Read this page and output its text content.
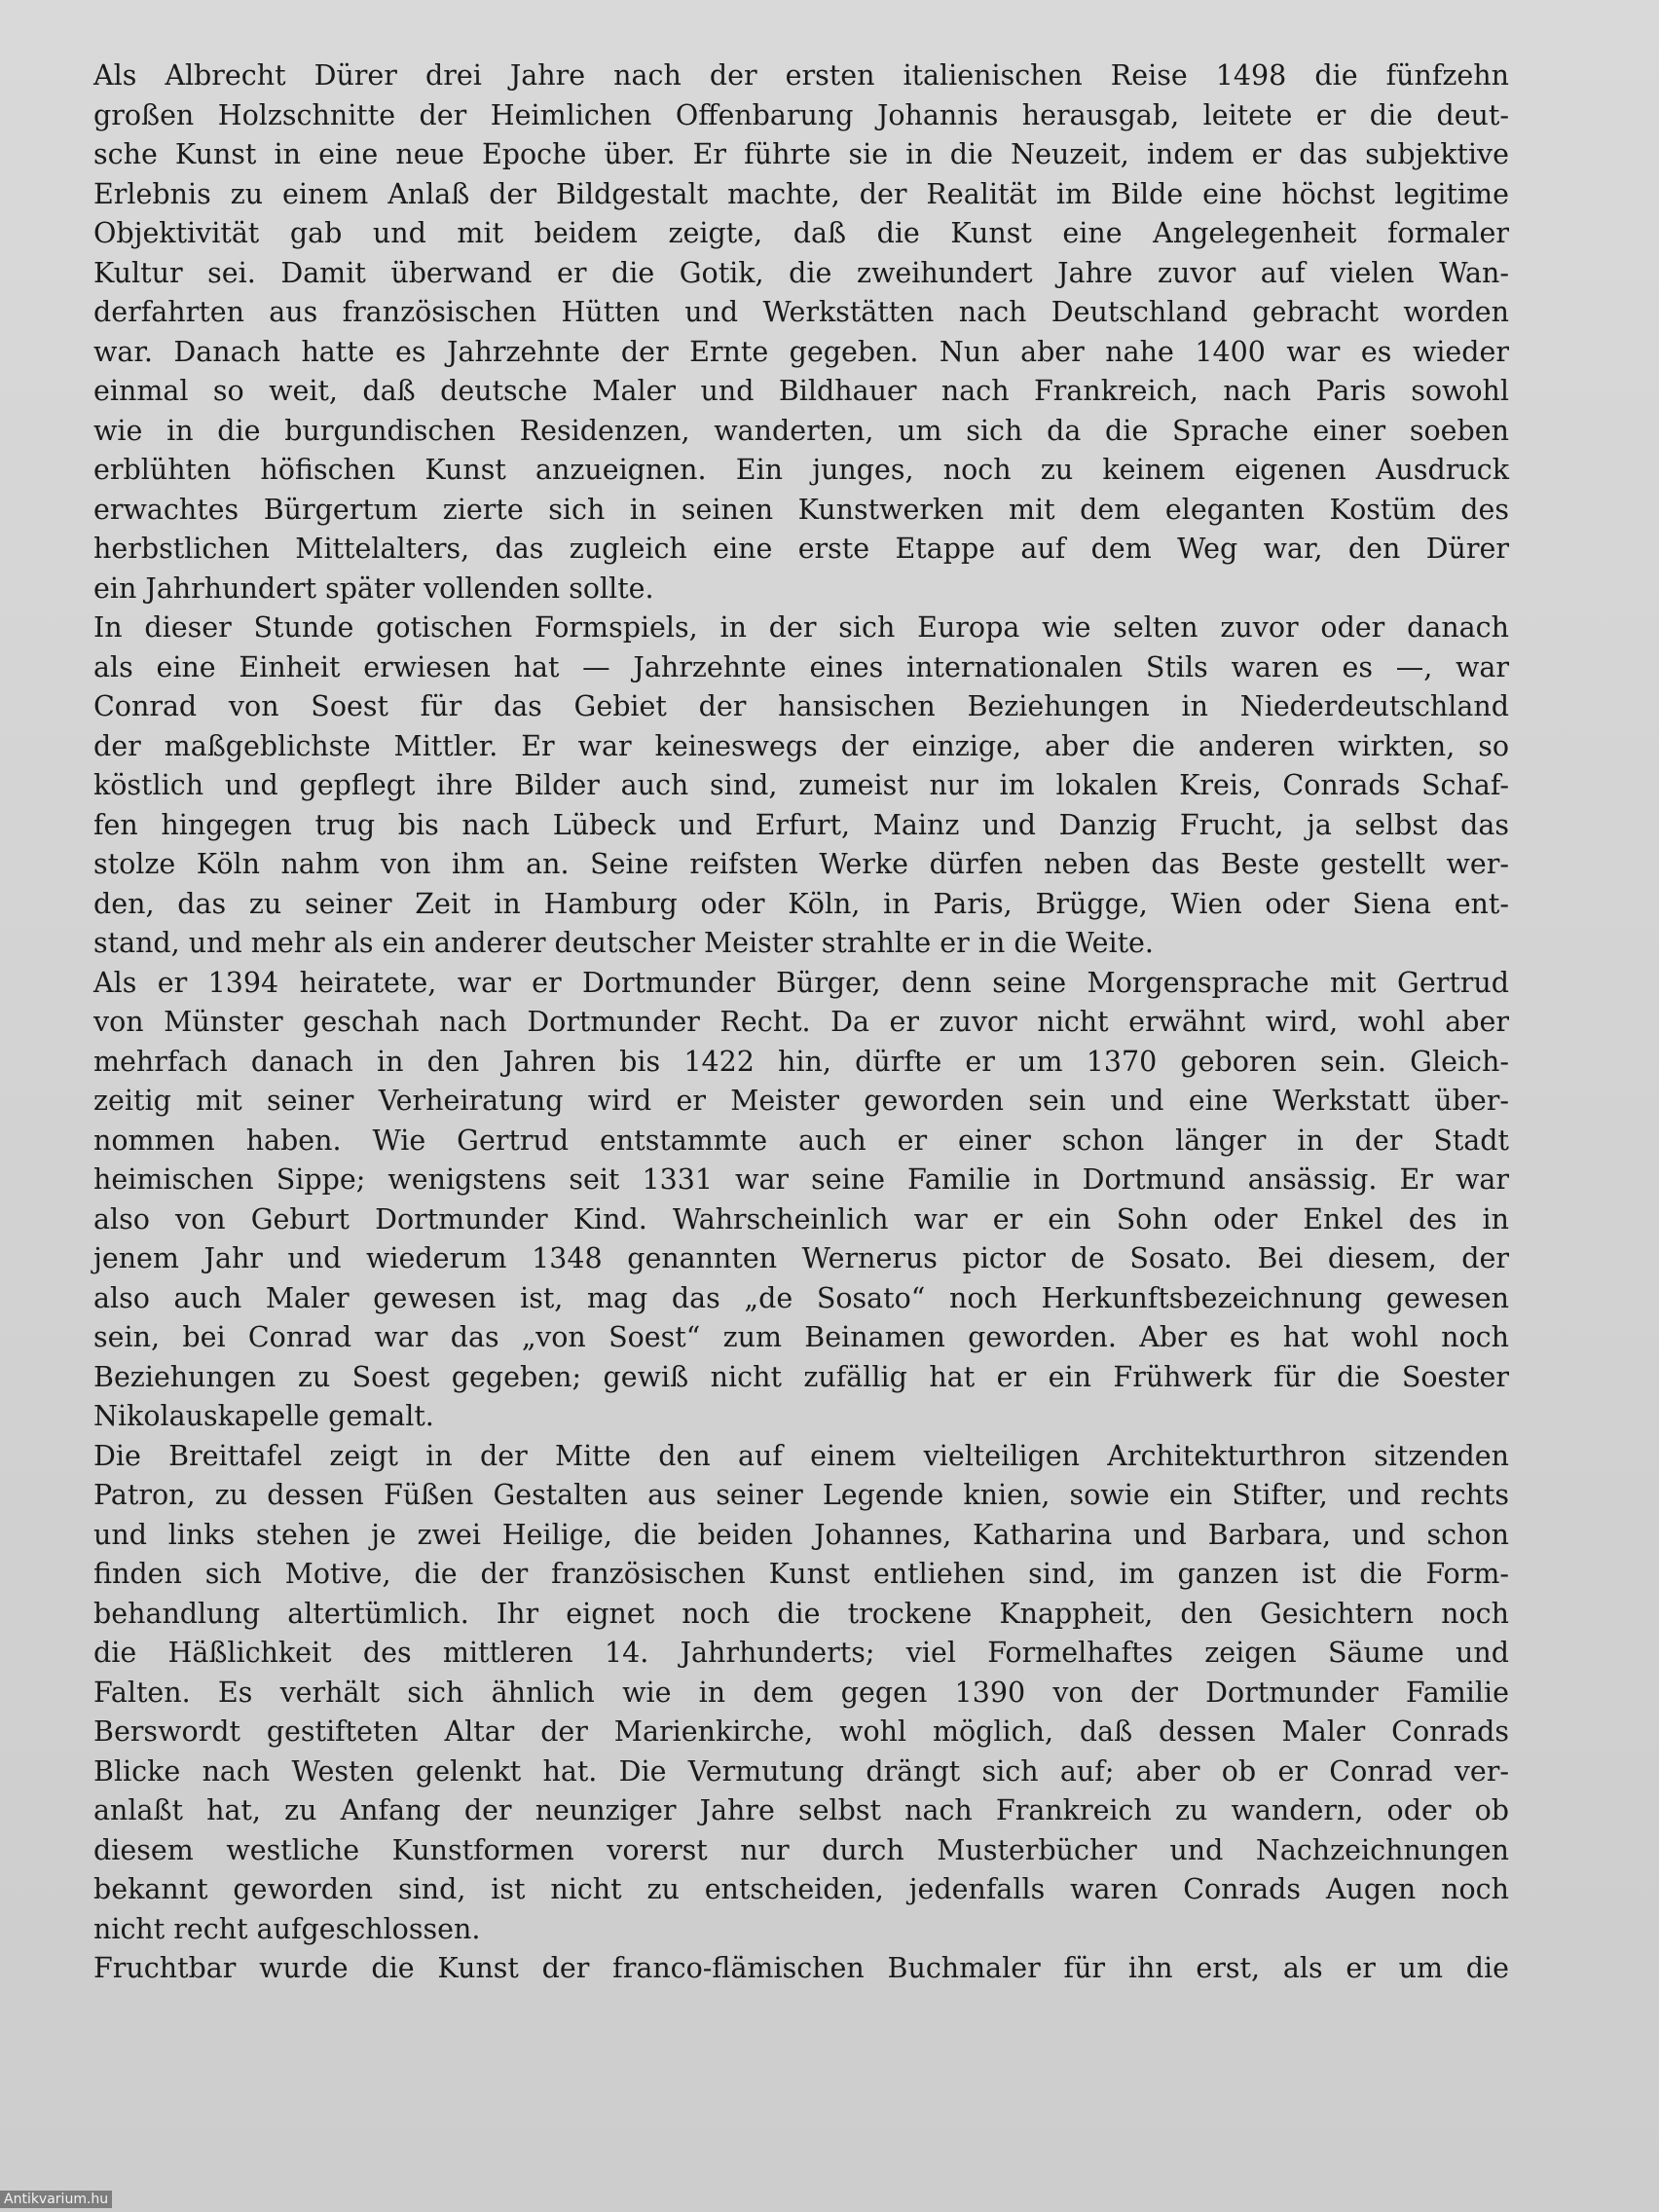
Als Albrecht Dürer drei Jahre nach der ersten italienischen Reise 1498 die fünfzehn
großen Holzschnitte der Heimlichen Offenbarung Johannis herausgab, leitete er die deut-
sche Kunst in eine neue Epoche über. Er führte sie in die Neuzeit, indem er das subjektive
Erlebnis zu einem Anlaß der Bildgestalt machte, der Realität im Bilde eine höchst legitime
Objektivität gab und mit beidem zeigte, daß die Kunst eine Angelegenheit formaler
Kultur sei. Damit überwand er die Gotik, die zweihundert Jahre zuvor auf vielen Wan-
derfahrten aus französischen Hütten und Werkstätten nach Deutschland gebracht worden
war. Danach hatte es Jahrzehnte der Ernte gegeben. Nun aber nahe 1400 war es wieder
einmal so weit, daß deutsche Maler und Bildhauer nach Frankreich, nach Paris sowohl
wie in die burgundischen Residenzen, wanderten, um sich da die Sprache einer soeben
erblühten höfischen Kunst anzueignen. Ein junges, noch zu keinem eigenen Ausdruck
erwachtes Bürgertum zierte sich in seinen Kunstwerken mit dem eleganten Kostüm des
herbstlichen Mittelalters, das zugleich eine erste Etappe auf dem Weg war, den Dürer
ein Jahrhundert später vollenden sollte.

In dieser Stunde gotischen Formspiels, in der sich Europa wie selten zuvor oder danach
als eine Einheit erwiesen hat — Jahrzehnte eines internationalen Stils waren es —, war
Conrad von Soest für das Gebiet der hansischen Beziehungen in Niederdeutschland
der maßgeblichste Mittler. Er war keineswegs der einzige, aber die anderen wirkten, so
köstlich und gepflegt ihre Bilder auch sind, zumeist nur im lokalen Kreis, Conrads Schaf-
fen hingegen trug bis nach Lübeck und Erfurt, Mainz und Danzig Frucht, ja selbst das
stolze Köln nahm von ihm an. Seine reifsten Werke dürfen neben das Beste gestellt wer-
den, das zu seiner Zeit in Hamburg oder Köln, in Paris, Brügge, Wien oder Siena ent-
stand, und mehr als ein anderer deutscher Meister strahlte er in die Weite.

Als er 1394 heiratete, war er Dortmunder Bürger, denn seine Morgensprache mit Gertrud
von Münster geschah nach Dortmunder Recht. Da er zuvor nicht erwähnt wird, wohl aber
mehrfach danach in den Jahren bis 1422 hin, dürfte er um 1370 geboren sein. Gleich-
zeitig mit seiner Verheiratung wird er Meister geworden sein und eine Werkstatt über-
nommen haben. Wie Gertrud entstammte auch er einer schon länger in der Stadt
heimischen Sippe; wenigstens seit 1331 war seine Familie in Dortmund ansässig. Er war
also von Geburt Dortmunder Kind. Wahrscheinlich war er ein Sohn oder Enkel des in
jenem Jahr und wiederum 1348 genannten Wernerus pictor de Sosato. Bei diesem, der
also auch Maler gewesen ist, mag das „de Sosato“ noch Herkunftsbezeichnung gewesen
sein, bei Conrad war das „von Soest“ zum Beinamen geworden. Aber es hat wohl noch
Beziehungen zu Soest gegeben; gewiß nicht zufällig hat er ein Frühwerk für die Soester
Nikolauskapelle gemalt.

Die Breittafel zeigt in der Mitte den auf einem vielteiligen Architekturthron sitzenden
Patron, zu dessen Füßen Gestalten aus seiner Legende knien, sowie ein Stifter, und rechts
und links stehen je zwei Heilige, die beiden Johannes, Katharina und Barbara, und schon
finden sich Motive, die der französischen Kunst entliehen sind, im ganzen ist die Form-
behandlung altertümlich. Ihr eignet noch die trockene Knappheit, den Gesichtern noch
die Häßlichkeit des mittleren 14. Jahrhunderts; viel Formelhaftes zeigen Säume und
Falten. Es verhält sich ähnlich wie in dem gegen 1390 von der Dortmunder Familie
Berswordt gestifteten Altar der Marienkirche, wohl möglich, daß dessen Maler Conrads
Blicke nach Westen gelenkt hat. Die Vermutung drängt sich auf; aber ob er Conrad ver-
anlaßt hat, zu Anfang der neunziger Jahre selbst nach Frankreich zu wandern, oder ob
diesem westliche Kunstformen vorerst nur durch Musterbücher und Nachzeichnungen
bekannt geworden sind, ist nicht zu entscheiden, jedenfalls waren Conrads Augen noch
nicht recht aufgeschlossen.

Fruchtbar wurde die Kunst der franco-flämischen Buchmaler für ihn erst, als er um die

Antikvarium.hu
